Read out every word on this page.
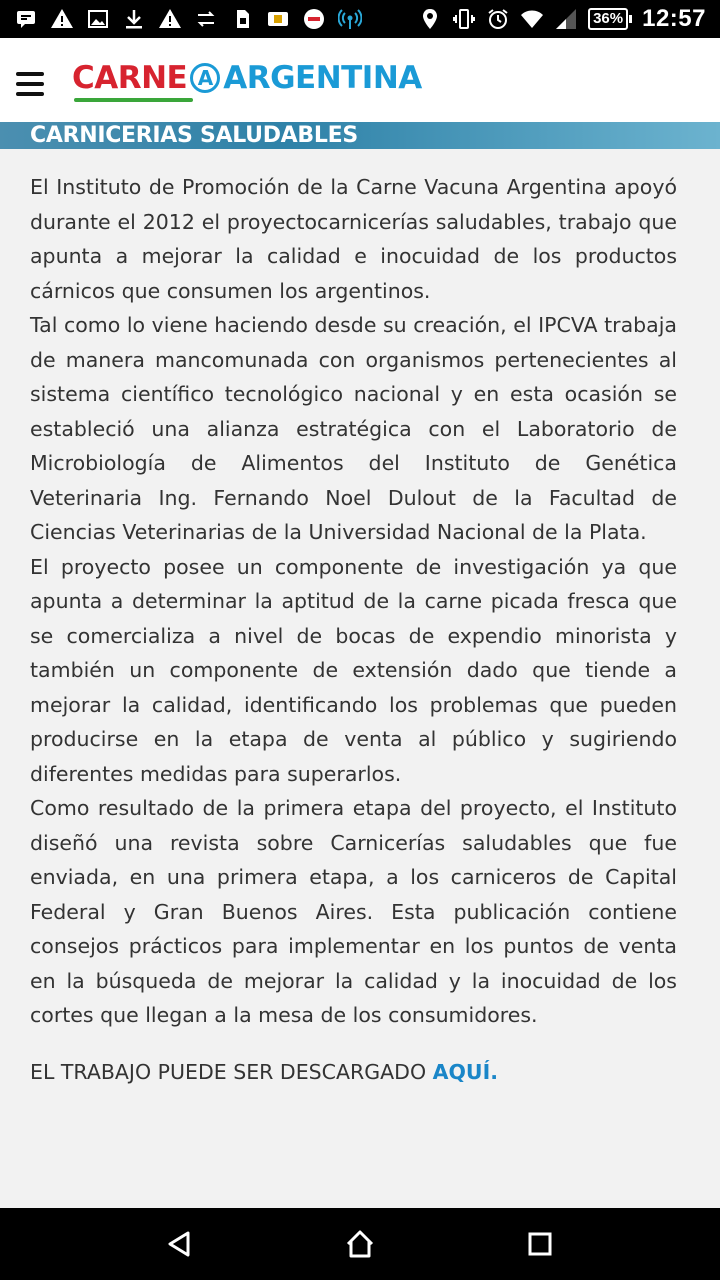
36% 12:57
CARNE A ARGENTINA
CARNICERIAS SALUDABLES

El Instituto de Promoción de la Carne Vacuna Argentina apoyó durante el 2012 el proyectocarnicerías saludables, trabajo que apunta a mejorar la calidad e inocuidad de los productos cárnicos que consumen los argentinos.

Tal como lo viene haciendo desde su creación, el IPCVA trabaja de manera mancomunada con organismos pertenecientes al sistema científico tecnológico nacional y en esta ocasión se estableció una alianza estratégica con el Laboratorio de Microbiología de Alimentos del Instituto de Genética Veterinaria Ing. Fernando Noel Dulout de la Facultad de Ciencias Veterinarias de la Universidad Nacional de la Plata.

El proyecto posee un componente de investigación ya que apunta a determinar la aptitud de la carne picada fresca que se comercializa a nivel de bocas de expendio minorista y también un componente de extensión dado que tiende a mejorar la calidad, identificando los problemas que pueden producirse en la etapa de venta al público y sugiriendo diferentes medidas para superarlos.

Como resultado de la primera etapa del proyecto, el Instituto diseñó una revista sobre Carnicerías saludables que fue enviada, en una primera etapa, a los carniceros de Capital Federal y Gran Buenos Aires. Esta publicación contiene consejos prácticos para implementar en los puntos de venta en la búsqueda de mejorar la calidad y la inocuidad de los cortes que llegan a la mesa de los consumidores.

EL TRABAJO PUEDE SER DESCARGADO AQUÍ.
